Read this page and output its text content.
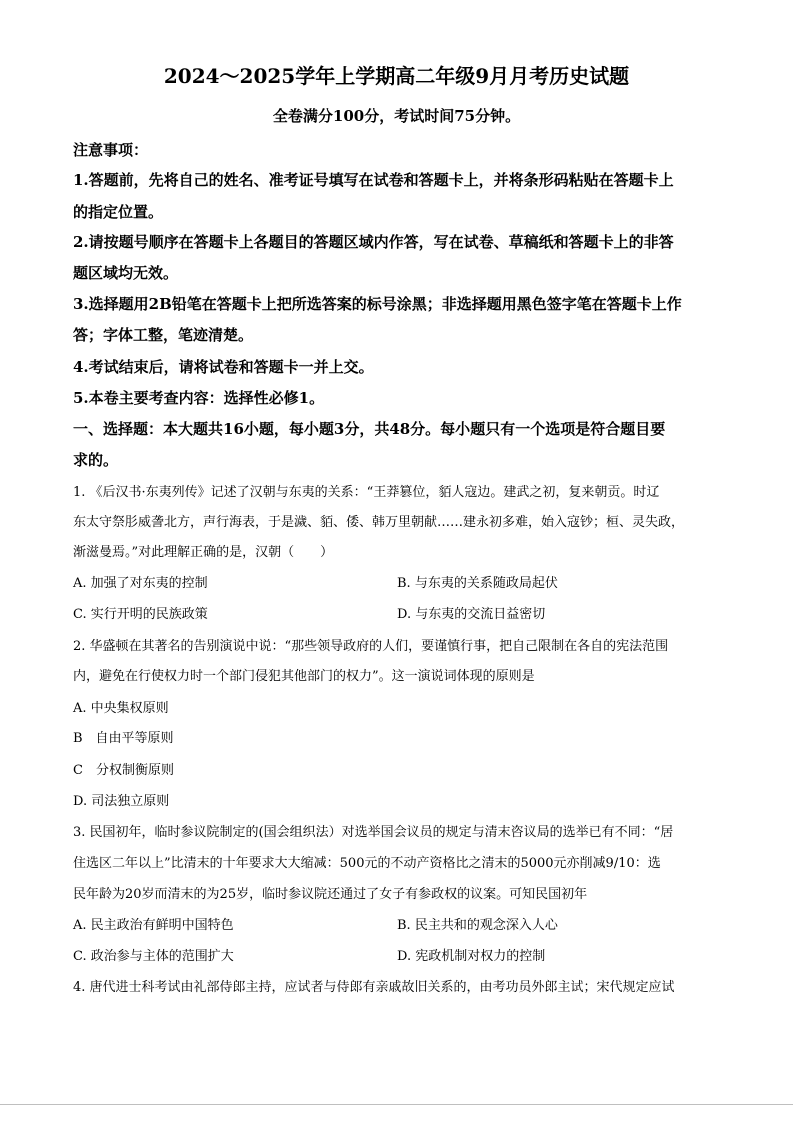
2024～2025学年上学期高二年级9月月考历史试题
全卷满分100分，考试时间75分钟。
注意事项：
1.答题前，先将自己的姓名、准考证号填写在试卷和答题卡上，并将条形码粘贴在答题卡上
的指定位置。
2.请按题号顺序在答题卡上各题目的答题区域内作答，写在试卷、草稿纸和答题卡上的非答
题区域均无效。
3.选择题用2B铅笔在答题卡上把所选答案的标号涂黑；非选择题用黑色签字笔在答题卡上作
答；字体工整，笔迹清楚。
4.考试结束后，请将试卷和答题卡一并上交。
5.本卷主要考查内容：选择性必修1。
一、选择题：本大题共16小题，每小题3分，共48分。每小题只有一个选项是符合题目要
求的。
1. 《后汉书·东夷列传》记述了汉朝与东夷的关系：“王莽篡位，貊人寇边。建武之初，复来朝贡。时辽
东太守祭肜威詟北方，声行海表，于是濊、貊、倭、韩万里朝献……建永初多难，始入寇钞；桓、灵失政，
渐滋曼焉。”对此理解正确的是，汉朝（　　）
A. 加强了对东夷的控制	B. 与东夷的关系随政局起伏
C. 实行开明的民族政策	D. 与东夷的交流日益密切
2. 华盛顿在其著名的告别演说中说：“那些领导政府的人们，要谨慎行事，把自己限制在各自的宪法范围
内，避免在行使权力时一个部门侵犯其他部门的权力”。这一演说词体现的原则是
A. 中央集权原则
B　自由平等原则
C　分权制衡原则
D. 司法独立原则
3. 民国初年，临时参议院制定的(国会组织法）对选举国会议员的规定与清末咨议局的选举已有不同：“居
住选区二年以上”比清末的十年要求大大缩减：500元的不动产资格比之清末的5000元亦削减9/10：选
民年龄为20岁而清末的为25岁，临时参议院还通过了女子有参政权的议案。可知民国初年
A. 民主政治有鲜明中国特色	B. 民主共和的观念深入人心
C. 政治参与主体的范围扩大	D. 宪政机制对权力的控制
4. 唐代进士科考试由礼部侍郎主持，应试者与侍郎有亲戚故旧关系的，由考功员外郎主试；宋代规定应试
